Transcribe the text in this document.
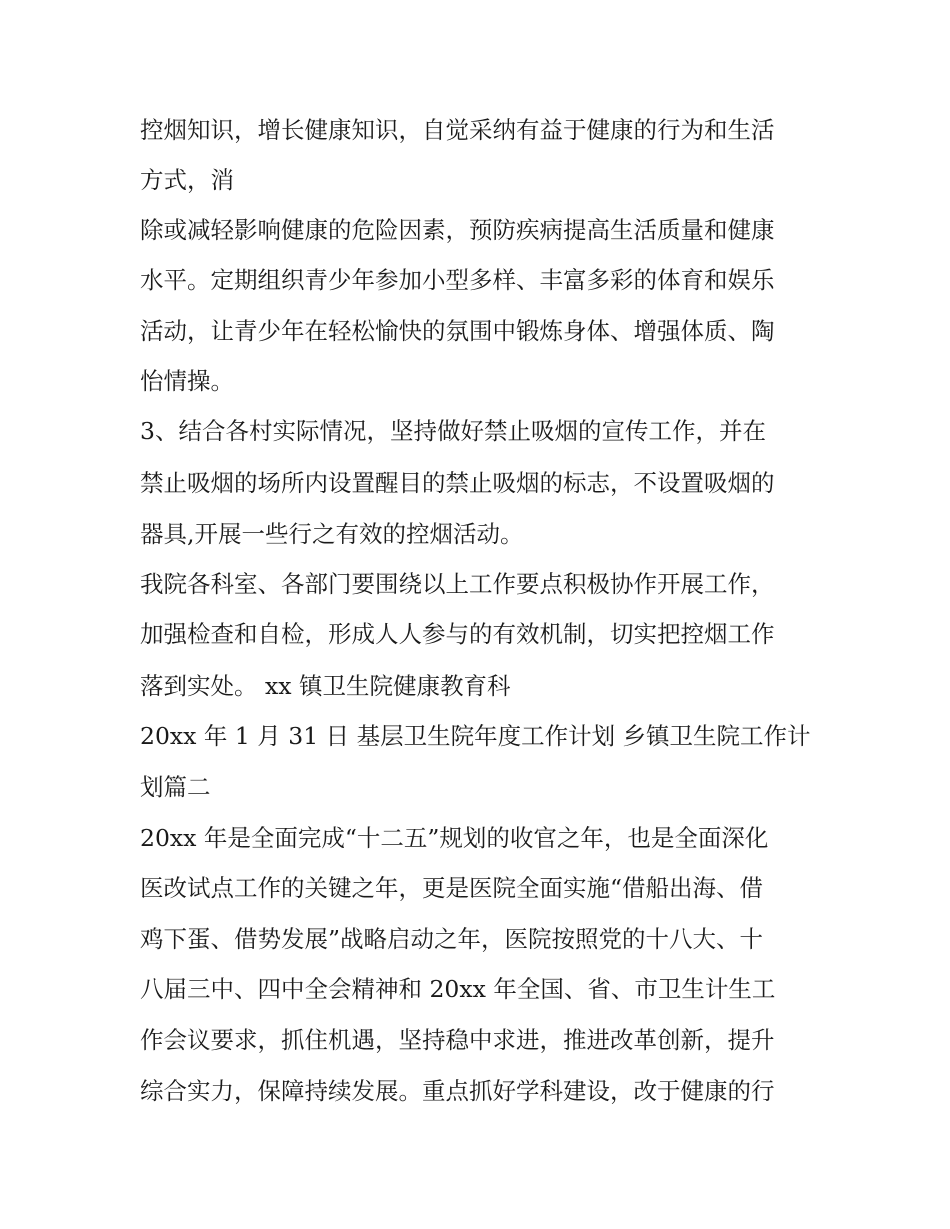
控烟知识，增长健康知识，自觉采纳有益于健康的行为和生活
方式，消
除或减轻影响健康的危险因素，预防疾病提高生活质量和健康
水平。定期组织青少年参加小型多样、丰富多彩的体育和娱乐
活动，让青少年在轻松愉快的氛围中锻炼身体、增强体质、陶
怡情操。
3、结合各村实际情况，坚持做好禁止吸烟的宣传工作，并在
禁止吸烟的场所内设置醒目的禁止吸烟的标志，不设置吸烟的
器具,开展一些行之有效的控烟活动。
我院各科室、各部门要围绕以上工作要点积极协作开展工作，
加强检查和自检，形成人人参与的有效机制，切实把控烟工作
落到实处。 xx 镇卫生院健康教育科
20xx 年 1 月 31 日 基层卫生院年度工作计划 乡镇卫生院工作计
划篇二
20xx 年是全面完成“十二五”规划的收官之年，也是全面深化
医改试点工作的关键之年，更是医院全面实施“借船出海、借
鸡下蛋、借势发展”战略启动之年，医院按照党的十八大、十
八届三中、四中全会精神和 20xx 年全国、省、市卫生计生工
作会议要求，抓住机遇，坚持稳中求进，推进改革创新，提升
综合实力，保障持续发展。重点抓好学科建设，改于健康的行
